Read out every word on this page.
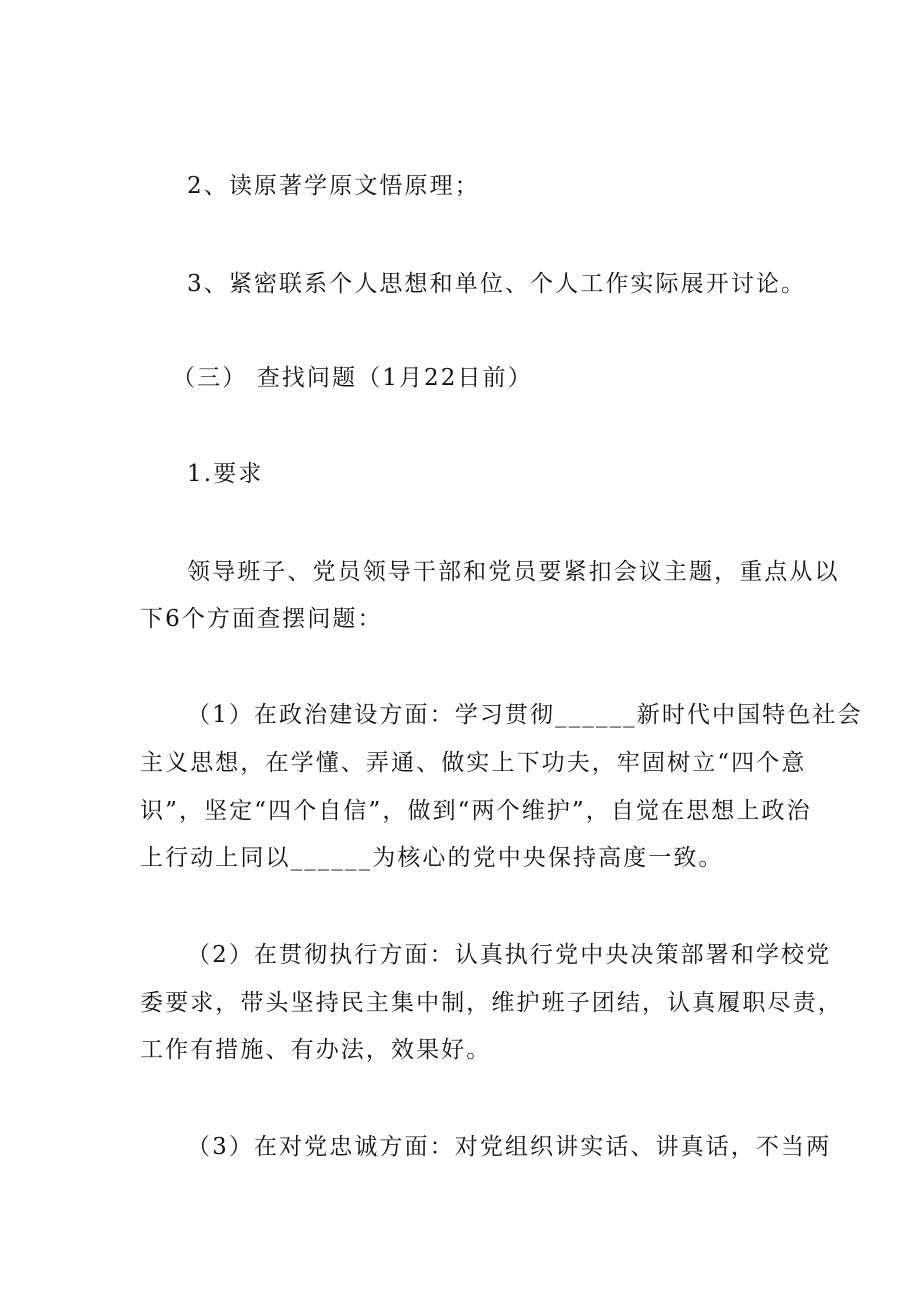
2、读原著学原文悟原理；
3、紧密联系个人思想和单位、个人工作实际展开讨论。
（三） 查找问题（1月22日前）
1.要求
领导班子、党员领导干部和党员要紧扣会议主题，重点从以
下6个方面查摆问题：
（1）在政治建设方面：学习贯彻______新时代中国特色社会
主义思想，在学懂、弄通、做实上下功夫，牢固树立“四个意
识”，坚定“四个自信”，做到“两个维护”，自觉在思想上政治
上行动上同以______为核心的党中央保持高度一致。
（2）在贯彻执行方面：认真执行党中央决策部署和学校党
委要求，带头坚持民主集中制，维护班子团结，认真履职尽责，
工作有措施、有办法，效果好。
（3）在对党忠诚方面：对党组织讲实话、讲真话，不当两
